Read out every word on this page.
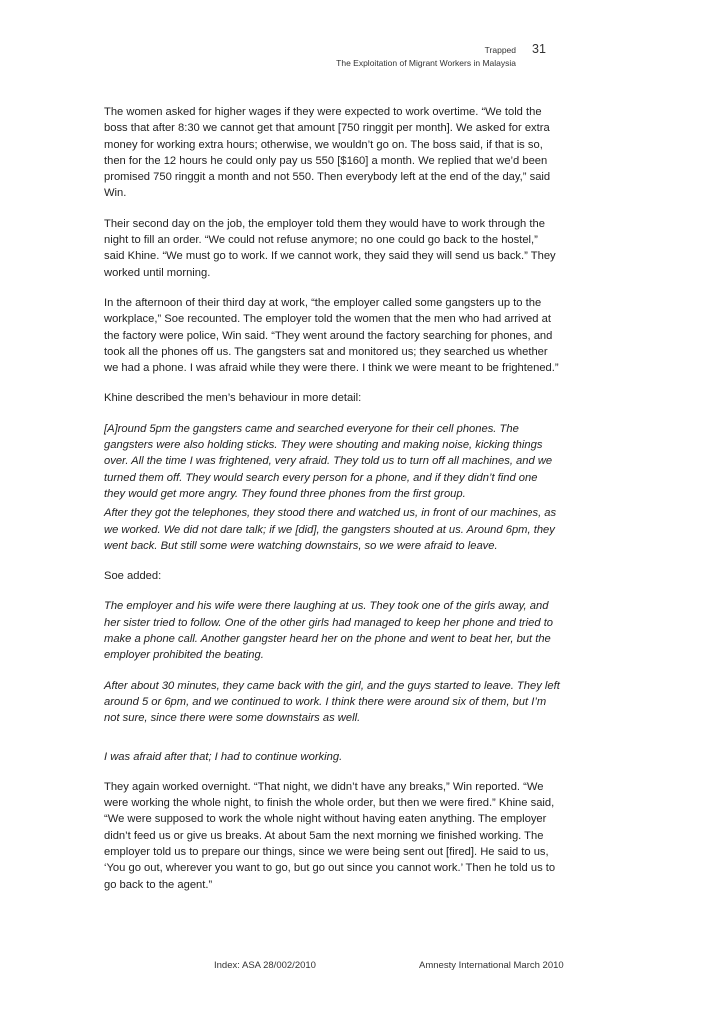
Trapped
The Exploitation of Migrant Workers in Malaysia
31

The women asked for higher wages if they were expected to work overtime. “We told the boss that after 8:30 we cannot get that amount [750 ringgit per month]. We asked for extra money for working extra hours; otherwise, we wouldn’t go on. The boss said, if that is so, then for the 12 hours he could only pay us 550 [$160] a month. We replied that we’d been promised 750 ringgit a month and not 550. Then everybody left at the end of the day,” said Win.

Their second day on the job, the employer told them they would have to work through the night to fill an order. “We could not refuse anymore; no one could go back to the hostel,” said Khine. “We must go to work. If we cannot work, they said they will send us back.” They worked until morning.

In the afternoon of their third day at work, “the employer called some gangsters up to the workplace,” Soe recounted. The employer told the women that the men who had arrived at the factory were police, Win said. “They went around the factory searching for phones, and took all the phones off us. The gangsters sat and monitored us; they searched us whether we had a phone. I was afraid while they were there. I think we were meant to be frightened.”

Khine described the men’s behaviour in more detail:

[A]round 5pm the gangsters came and searched everyone for their cell phones. The gangsters were also holding sticks. They were shouting and making noise, kicking things over. All the time I was frightened, very afraid. They told us to turn off all machines, and we turned them off. They would search every person for a phone, and if they didn’t find one they would get more angry. They found three phones from the first group.

After they got the telephones, they stood there and watched us, in front of our machines, as we worked. We did not dare talk; if we [did], the gangsters shouted at us. Around 6pm, they went back. But still some were watching downstairs, so we were afraid to leave.

Soe added:

The employer and his wife were there laughing at us. They took one of the girls away, and her sister tried to follow. One of the other girls had managed to keep her phone and tried to make a phone call. Another gangster heard her on the phone and went to beat her, but the employer prohibited the beating.

After about 30 minutes, they came back with the girl, and the guys started to leave. They left around 5 or 6pm, and we continued to work. I think there were around six of them, but I’m not sure, since there were some downstairs as well.

I was afraid after that; I had to continue working.

They again worked overnight. “That night, we didn’t have any breaks,” Win reported. “We were working the whole night, to finish the whole order, but then we were fired.” Khine said, “We were supposed to work the whole night without having eaten anything. The employer didn’t feed us or give us breaks. At about 5am the next morning we finished working. The employer told us to prepare our things, since we were being sent out [fired]. He said to us, ‘You go out, wherever you want to go, but go out since you cannot work.’ Then he told us to go back to the agent.”

Index: ASA 28/002/2010	Amnesty International March 2010
